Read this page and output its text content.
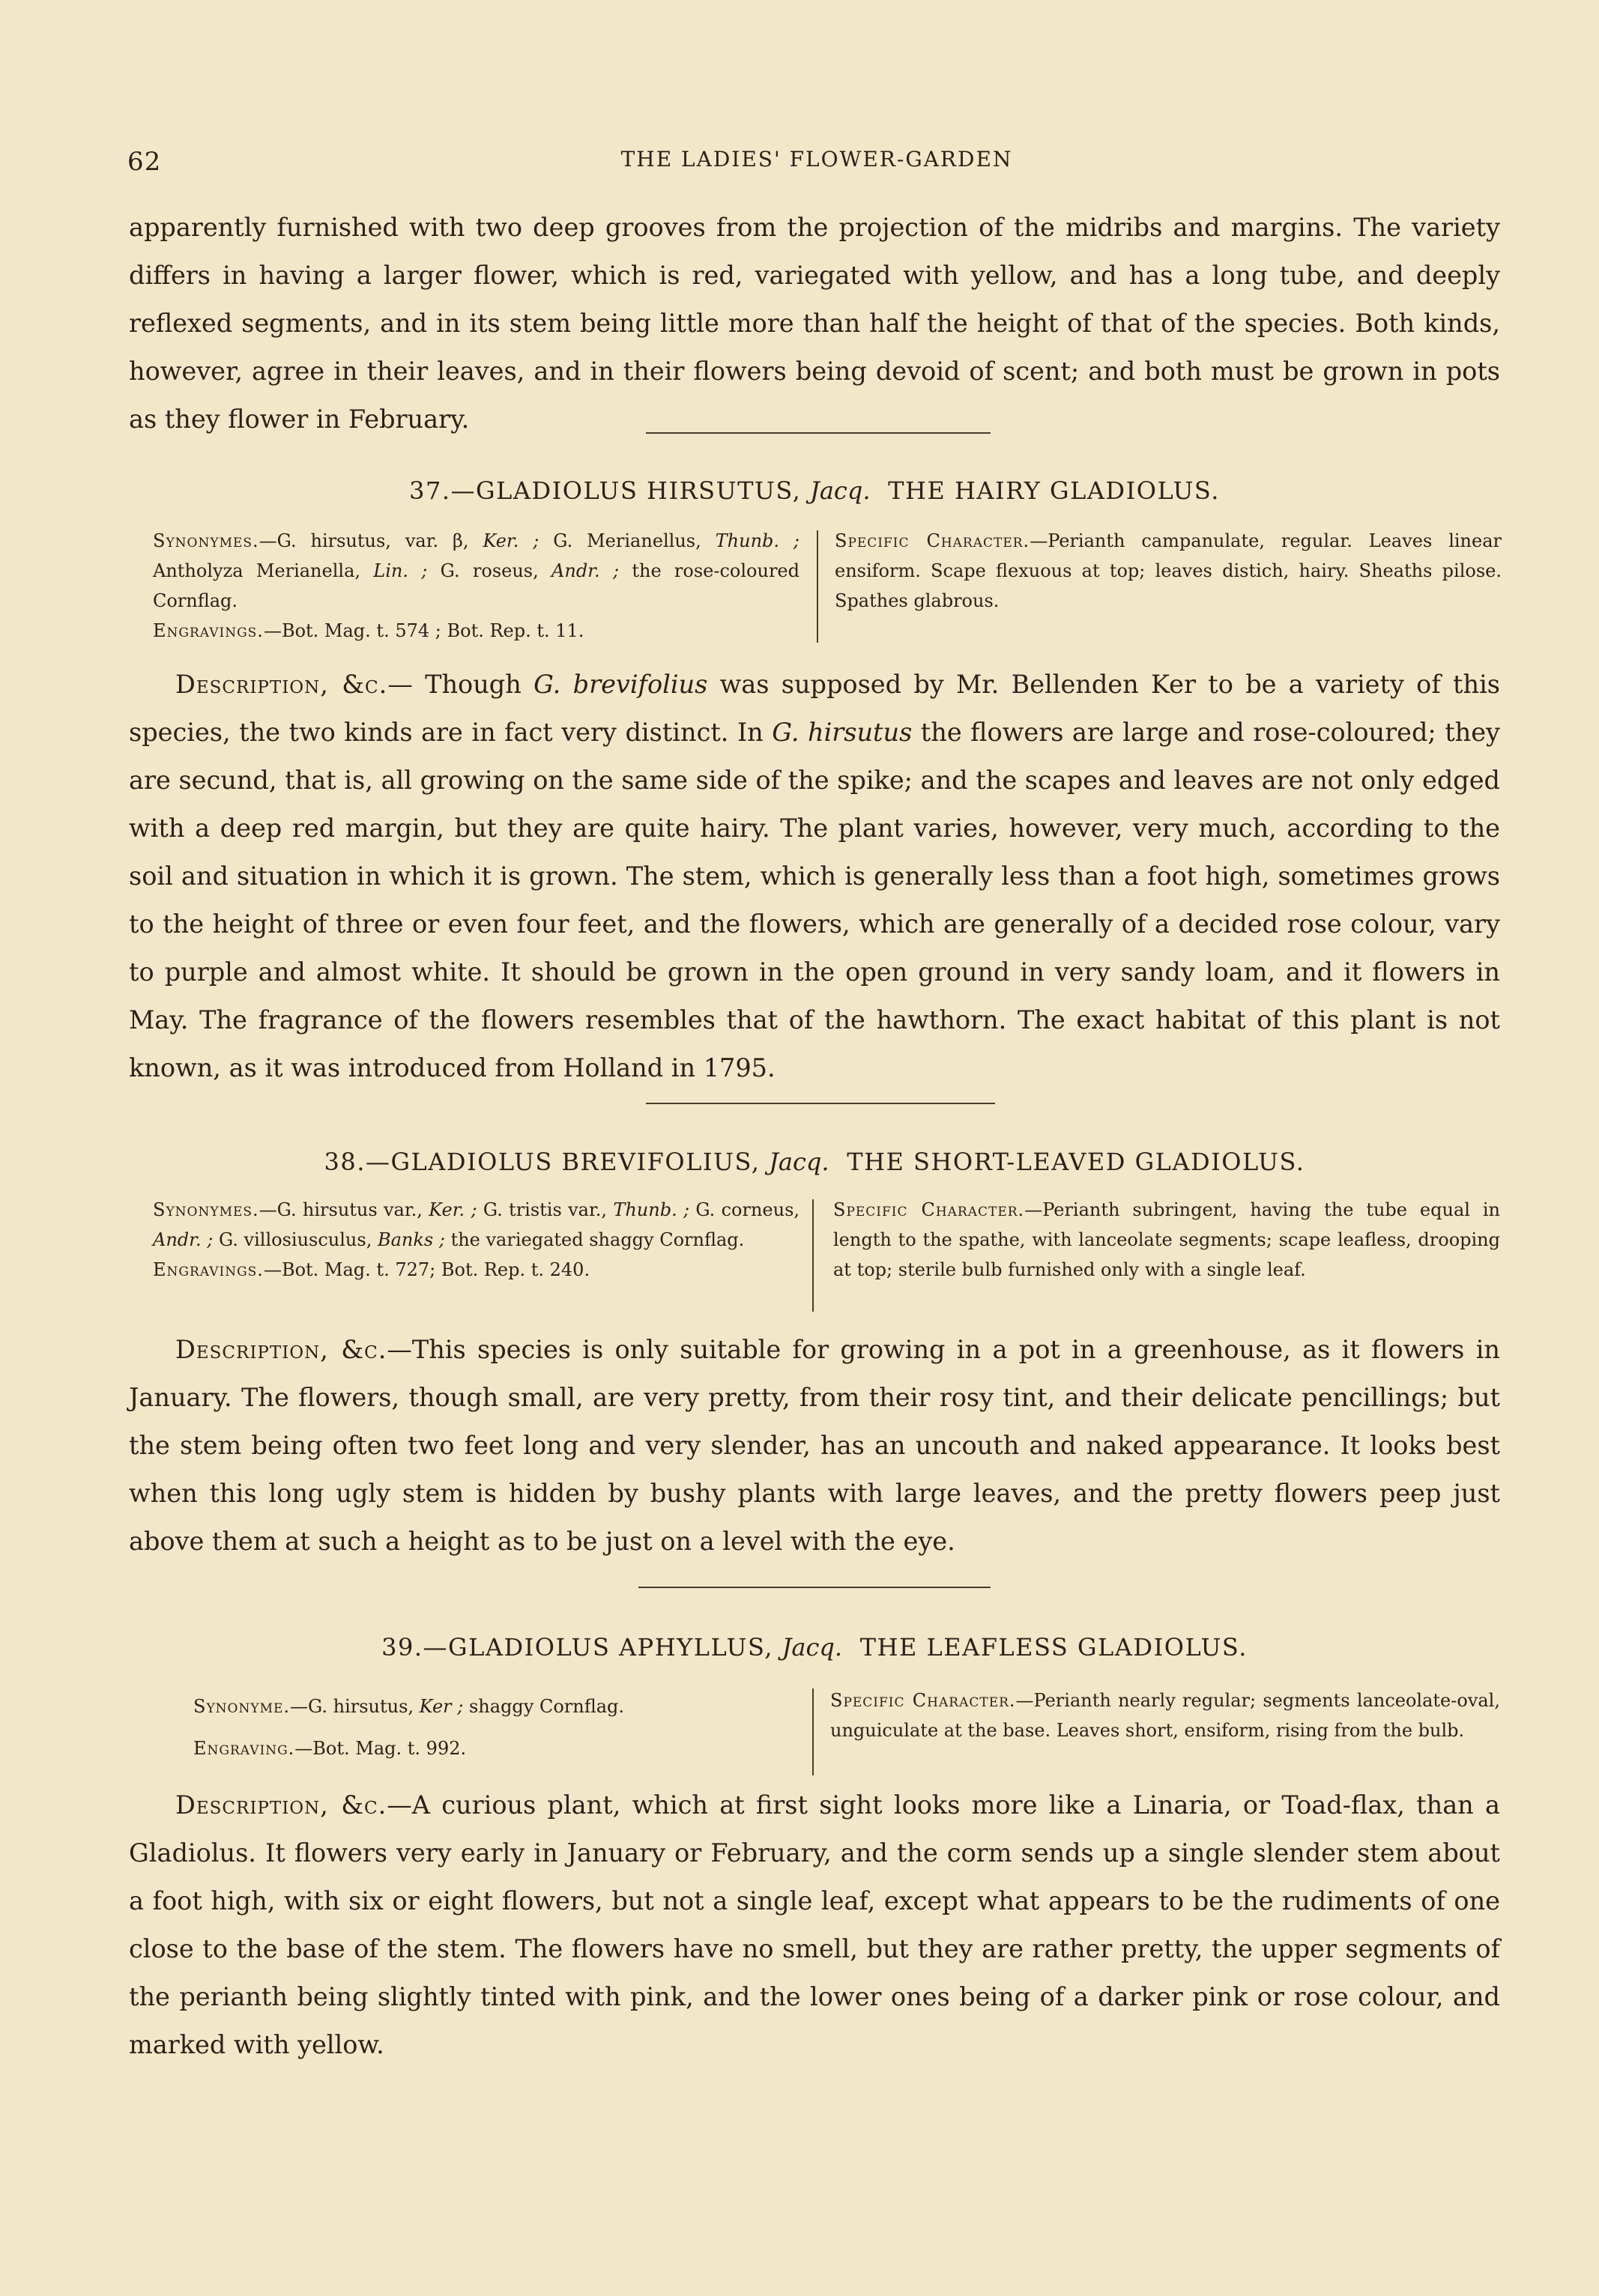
62	THE LADIES' FLOWER-GARDEN

apparently furnished with two deep grooves from the projection of the midribs and margins. The variety differs in having a larger flower, which is red, variegated with yellow, and has a long tube, and deeply reflexed segments, and in its stem being little more than half the height of that of the species. Both kinds, however, agree in their leaves, and in their flowers being devoid of scent; and both must be grown in pots as they flower in February.

37.—GLADIOLUS HIRSUTUS, Jacq. THE HAIRY GLADIOLUS.
Synonymes.—G. hirsutus, var. β, Ker. ; G. Merianellus, Thunb. ; Antholyza Merianella, Lin. ; G. roseus, Andr. ; the rose-coloured Cornflag.
Engravings.—Bot. Mag. t. 574 ; Bot. Rep. t. 11.
Specific Character.—Perianth campanulate, regular. Leaves linear ensiform. Scape flexuous at top; leaves distich, hairy. Sheaths pilose. Spathes glabrous.

Description, &c.— Though G. brevifolius was supposed by Mr. Bellenden Ker to be a variety of this species, the two kinds are in fact very distinct. In G. hirsutus the flowers are large and rose-coloured; they are secund, that is, all growing on the same side of the spike; and the scapes and leaves are not only edged with a deep red margin, but they are quite hairy. The plant varies, however, very much, according to the soil and situation in which it is grown. The stem, which is generally less than a foot high, sometimes grows to the height of three or even four feet, and the flowers, which are generally of a decided rose colour, vary to purple and almost white. It should be grown in the open ground in very sandy loam, and it flowers in May. The fragrance of the flowers resembles that of the hawthorn. The exact habitat of this plant is not known, as it was introduced from Holland in 1795.

38.—GLADIOLUS BREVIFOLIUS, Jacq. THE SHORT-LEAVED GLADIOLUS.
Synonymes.—G. hirsutus var., Ker. ; G. tristis var., Thunb. ; G. corneus, Andr. ; G. villosiusculus, Banks ; the variegated shaggy Cornflag.
Engravings.—Bot. Mag. t. 727; Bot. Rep. t. 240.
Specific Character.—Perianth subringent, having the tube equal in length to the spathe, with lanceolate segments; scape leafless, drooping at top; sterile bulb furnished only with a single leaf.

Description, &c.—This species is only suitable for growing in a pot in a greenhouse, as it flowers in January. The flowers, though small, are very pretty, from their rosy tint, and their delicate pencillings; but the stem being often two feet long and very slender, has an uncouth and naked appearance. It looks best when this long ugly stem is hidden by bushy plants with large leaves, and the pretty flowers peep just above them at such a height as to be just on a level with the eye.

39.—GLADIOLUS APHYLLUS, Jacq. THE LEAFLESS GLADIOLUS.
Synonyme.—G. hirsutus, Ker ; shaggy Cornflag.
Engraving.—Bot. Mag. t. 992.
Specific Character.—Perianth nearly regular; segments lanceolate-oval, unguiculate at the base. Leaves short, ensiform, rising from the bulb.

Description, &c.—A curious plant, which at first sight looks more like a Linaria, or Toad-flax, than a Gladiolus. It flowers very early in January or February, and the corm sends up a single slender stem about a foot high, with six or eight flowers, but not a single leaf, except what appears to be the rudiments of one close to the base of the stem. The flowers have no smell, but they are rather pretty, the upper segments of the perianth being slightly tinted with pink, and the lower ones being of a darker pink or rose colour, and marked with yellow.
